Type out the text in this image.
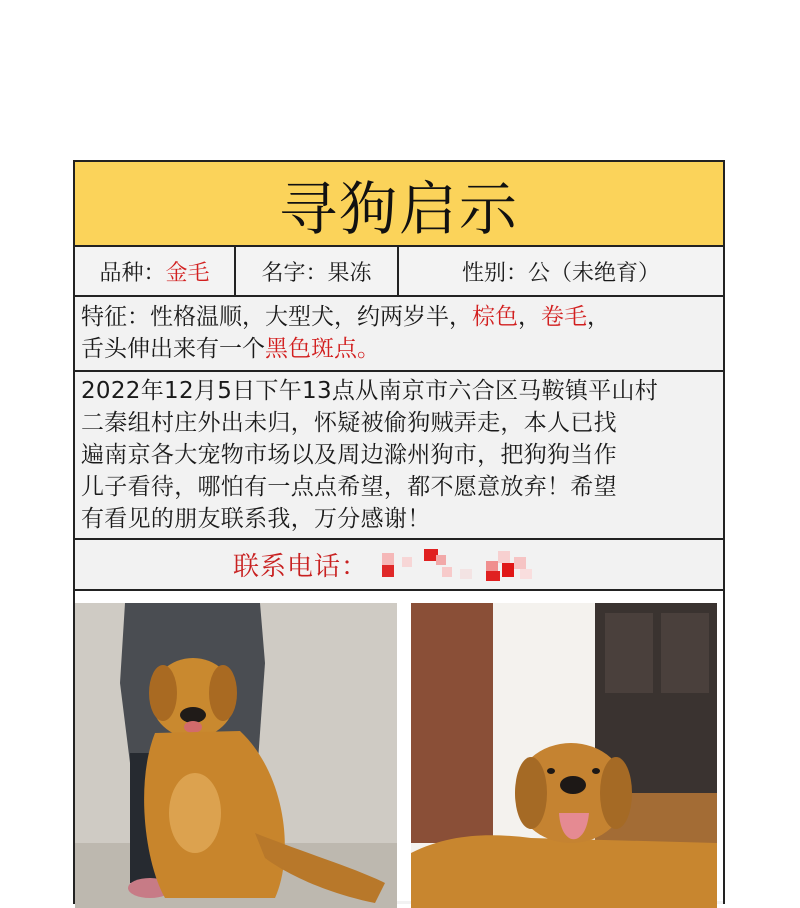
寻狗启示
品种： 金毛 名字： 果冻	性别： 公（未绝育）
特征：性格温顺，大型犬，约两岁半，棕色，卷毛，
舌头伸出来有一个黑色斑点。
2022年12月5日下午13点从南京市六合区马鞍镇平山村
二秦组村庄外出未归，怀疑被偷狗贼弄走，本人已找
遍南京各大宠物市场以及周边滁州狗市，把狗狗当作
儿子看待，哪怕有一点点希望，都不愿意放弃！希望
有看见的朋友联系我，万分感谢！
联系电话：
